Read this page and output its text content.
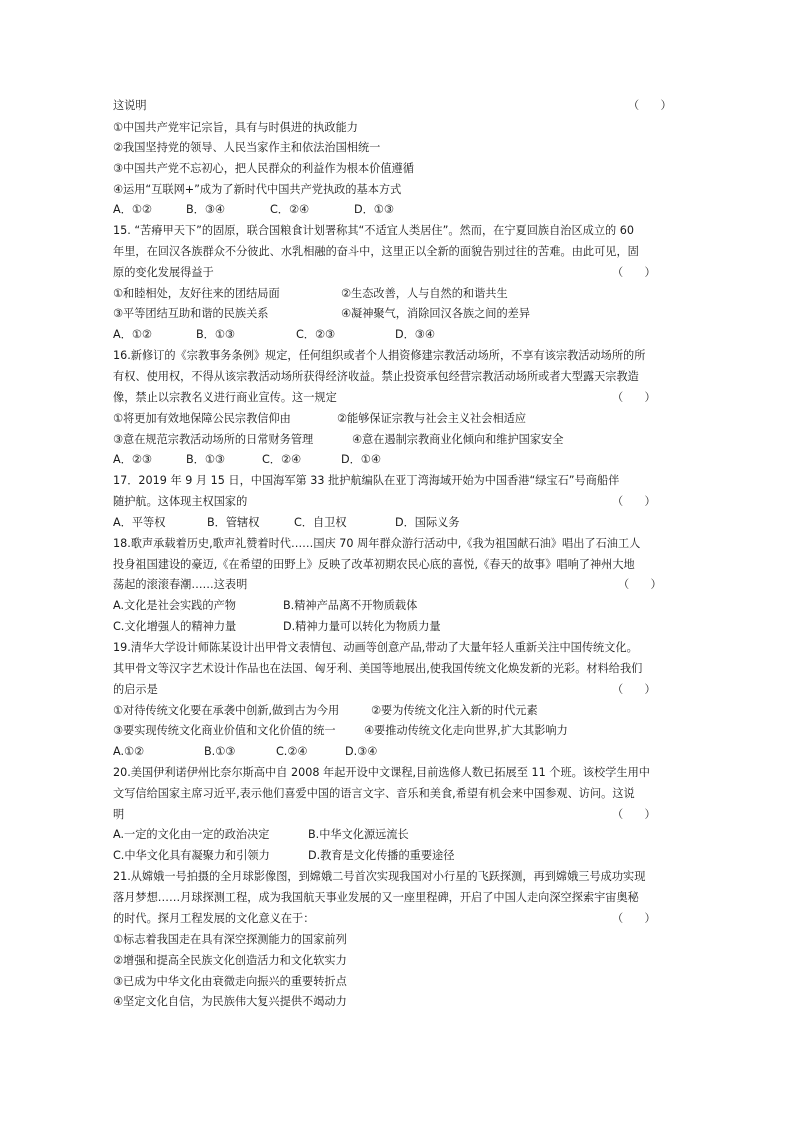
这说明	（      ）
①中国共产党牢记宗旨，具有与时俱进的执政能力
②我国坚持党的领导、人民当家作主和依法治国相统一
③中国共产党不忘初心，把人民群众的利益作为根本价值遵循
④运用“互联网+”成为了新时代中国共产党执政的基本方式
A．①②	B．③④	C．②④	D．①③
15. “苦瘠甲天下”的固原，联合国粮食计划署称其“不适宜人类居住”。然而，在宁夏回族自治区成立的 60
年里，在回汉各族群众不分彼此、水乳相融的奋斗中，这里正以全新的面貌告别过往的苦难。由此可见，固
原的变化发展得益于	（      ）
①和睦相处，友好往来的团结局面	②生态改善，人与自然的和谐共生
③平等团结互助和谐的民族关系	④凝神聚气，消除回汉各族之间的差异
A．①②	B．①③	C．②③	D．③④
16.新修订的《宗教事务条例》规定，任何组织或者个人捐资修建宗教活动场所，不享有该宗教活动场所的所
有权、使用权，不得从该宗教活动场所获得经济收益。禁止投资承包经营宗教活动场所或者大型露天宗教造
像，禁止以宗教名义进行商业宣传。这一规定	（      ）
①将更加有效地保障公民宗教信仰由	②能够保证宗教与社会主义社会相适应
③意在规范宗教活动场所的日常财务管理	④意在遏制宗教商业化倾向和维护国家安全
A．②③	B．①③	C．②④	D．①④
17．2019 年 9 月 15 日，中国海军第 33 批护航编队在亚丁湾海域开始为中国香港“绿宝石”号商船伴
随护航。这体现主权国家的	（      ）
A．平等权	B．管辖权	C．自卫权	D．国际义务
18.歌声承载着历史,歌声礼赞着时代……国庆 70 周年群众游行活动中,《我为祖国献石油》唱出了石油工人
投身祖国建设的豪迈,《在希望的田野上》反映了改革初期农民心底的喜悦,《春天的故事》唱响了神州大地
荡起的滚滚春潮……这表明	（      ）
A.文化是社会实践的产物	B.精神产品离不开物质载体
C.文化增强人的精神力量	D.精神力量可以转化为物质力量
19.清华大学设计师陈某设计出甲骨文表情包、动画等创意产品,带动了大量年轻人重新关注中国传统文化。
其甲骨文等汉字艺术设计作品也在法国、匈牙利、美国等地展出,使我国传统文化焕发新的光彩。材料给我们
的启示是	（      ）
①对待传统文化要在承袭中创新,做到古为今用	②要为传统文化注入新的时代元素
③要实现传统文化商业价值和文化价值的统一	④要推动传统文化走向世界,扩大其影响力
A.①②	B.①③	C.②④	D.③④
20.美国伊利诺伊州比奈尔斯高中自 2008 年起开设中文课程,目前选修人数已拓展至 11 个班。该校学生用中
文写信给国家主席习近平,表示他们喜爱中国的语言文字、音乐和美食,希望有机会来中国参观、访问。这说
明	（      ）
A.一定的文化由一定的政治决定	B.中华文化源远流长
C.中华文化具有凝聚力和引领力	D.教育是文化传播的重要途径
21.从嫦娥一号拍摄的全月球影像图，到嫦娥二号首次实现我国对小行星的飞跃探测，再到嫦娥三号成功实现
落月梦想……月球探测工程，成为我国航天事业发展的又一座里程碑，开启了中国人走向深空探索宇宙奥秘
的时代。探月工程发展的文化意义在于：	（      ）
①标志着我国走在具有深空探测能力的国家前列
②增强和提高全民族文化创造活力和文化软实力
③已成为中华文化由衰微走向振兴的重要转折点
④坚定文化自信，为民族伟大复兴提供不竭动力
